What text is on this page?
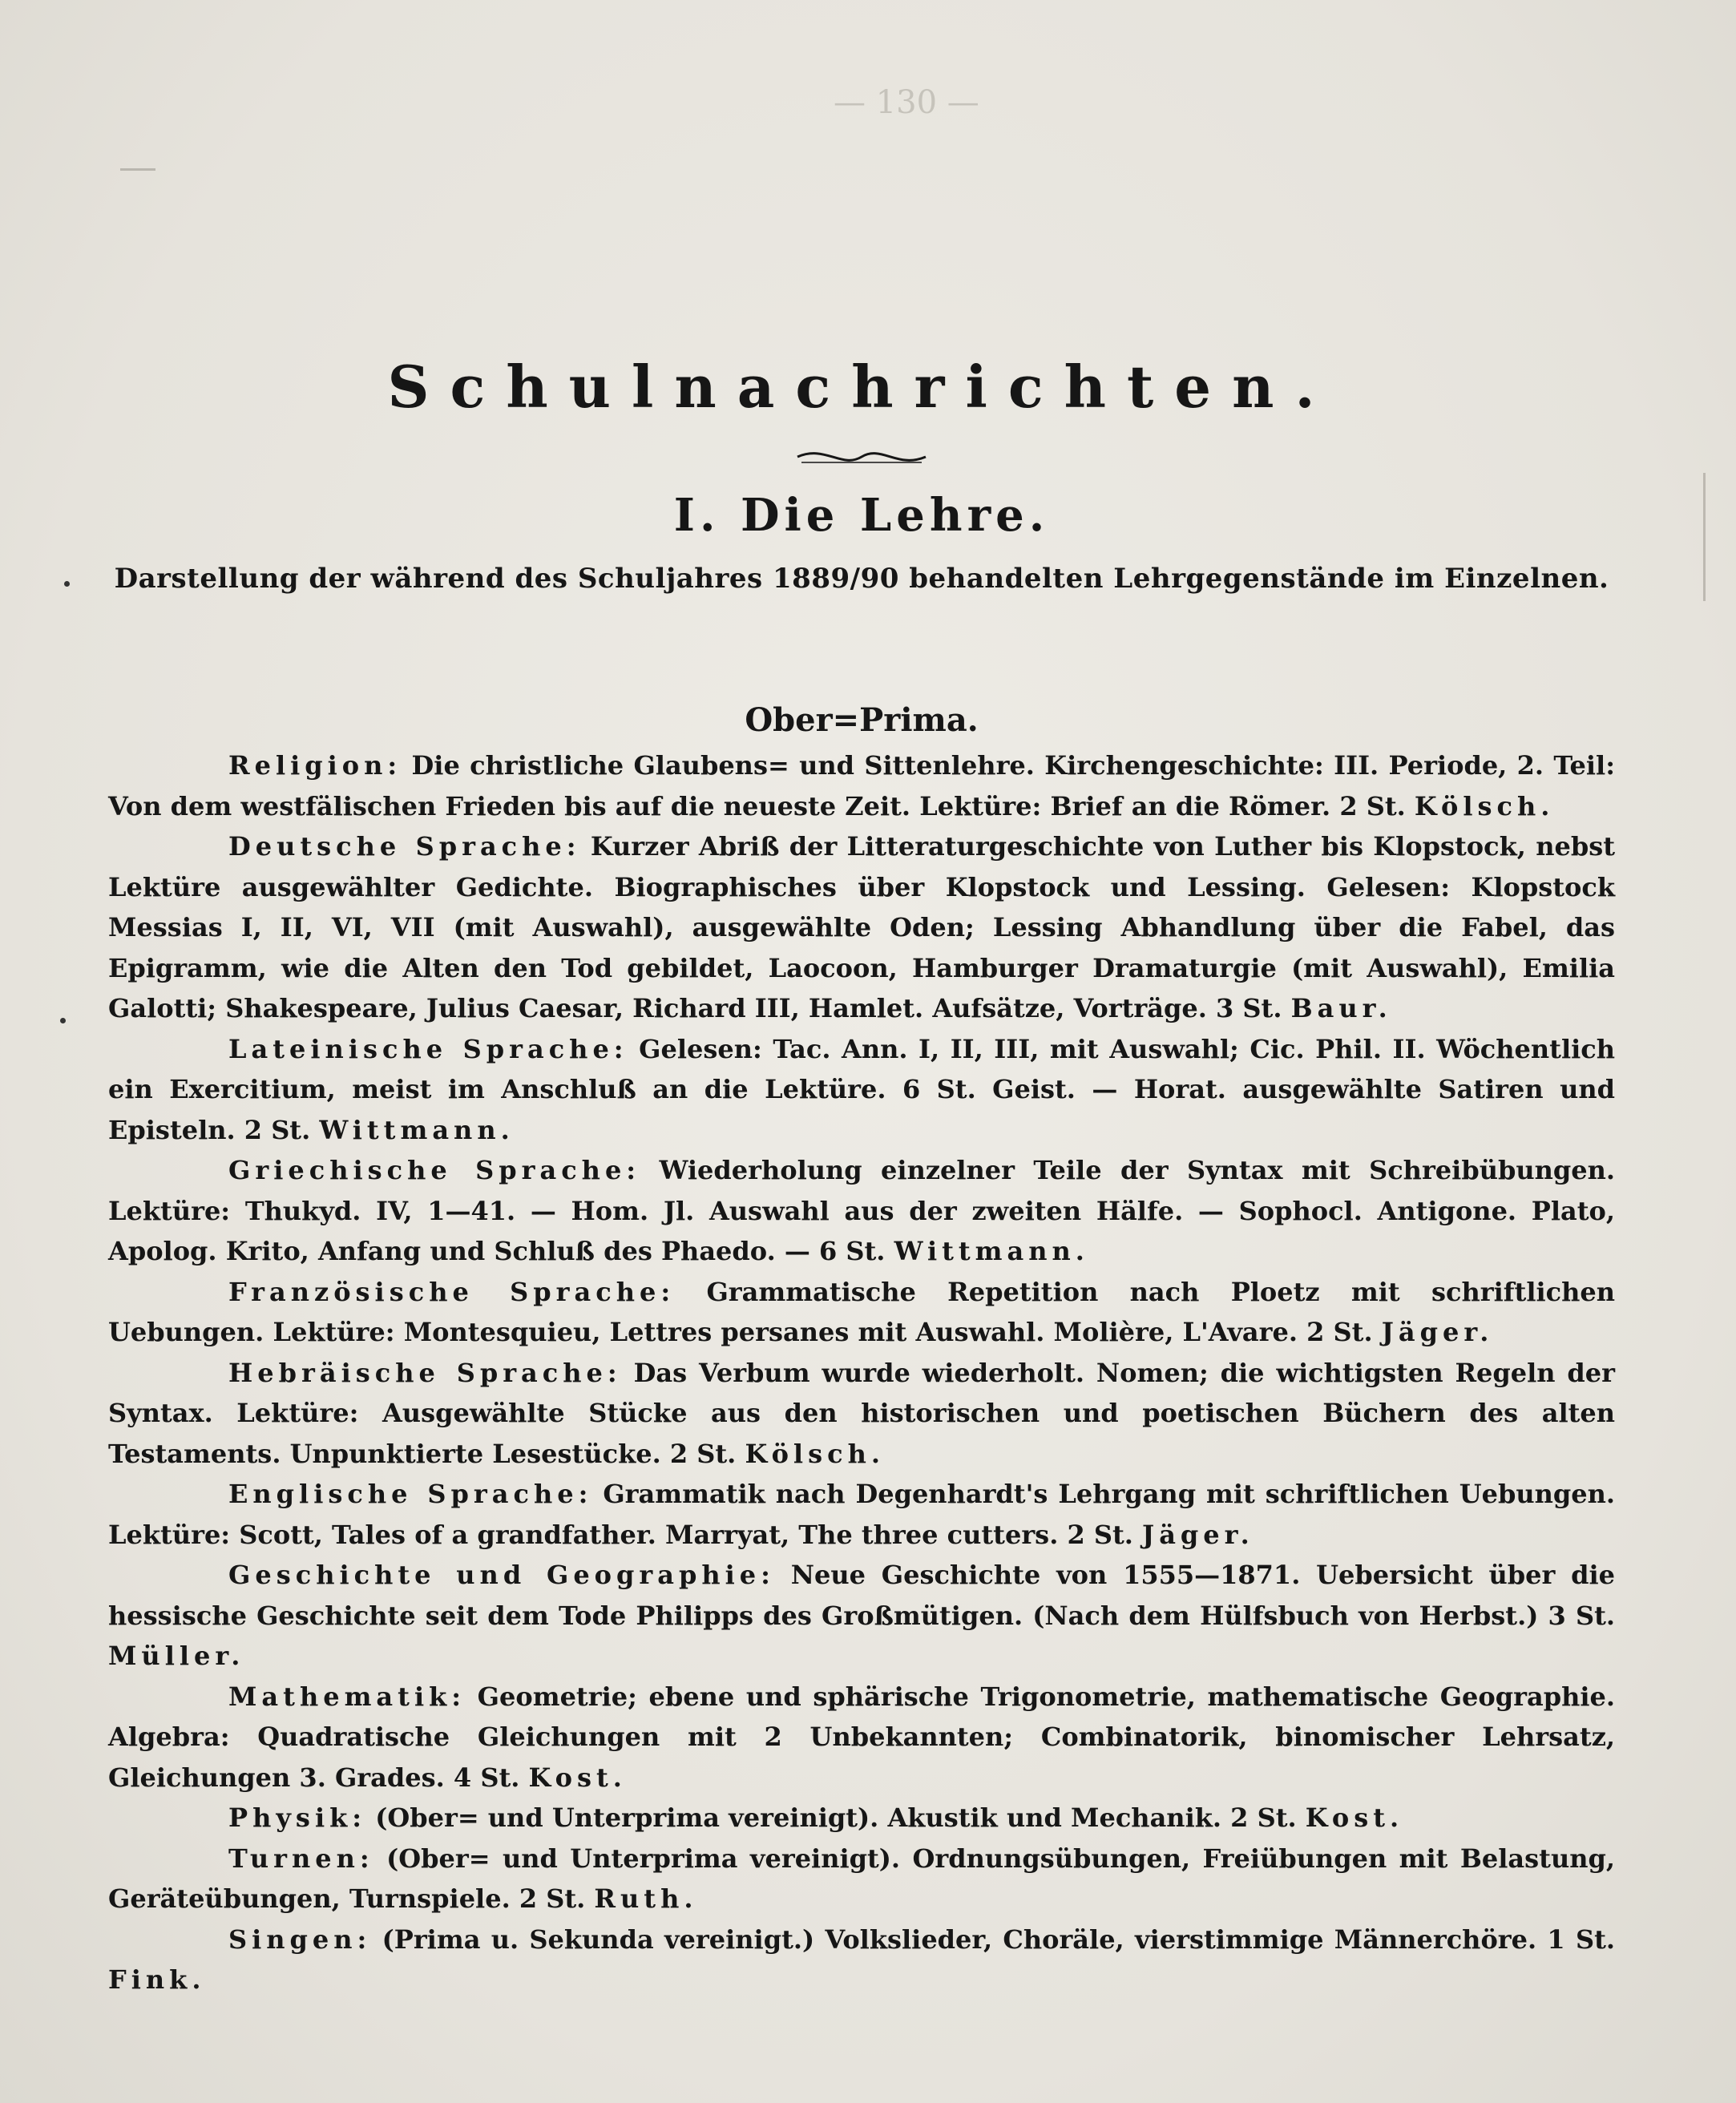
— 130 —
Schulnachrichten.
I. Die Lehre.
Darstellung der während des Schuljahres 1889/90 behandelten Lehrgegenstände im Einzelnen.
Ober=Prima.

Religion: Die christliche Glaubens= und Sittenlehre. Kirchengeschichte: III. Periode, 2. Teil: Von dem westfälischen Frieden bis auf die neueste Zeit. Lektüre: Brief an die Römer. 2 St. Kölsch.

Deutsche Sprache: Kurzer Abriß der Litteraturgeschichte von Luther bis Klopstock, nebst Lektüre ausgewählter Gedichte. Biographisches über Klopstock und Lessing. Gelesen: Klopstock Messias I, II, VI, VII (mit Auswahl), ausgewählte Oden; Lessing Abhandlung über die Fabel, das Epigramm, wie die Alten den Tod gebildet, Laocoon, Hamburger Dramaturgie (mit Auswahl), Emilia Galotti; Shakespeare, Julius Caesar, Richard III, Hamlet. Aufsätze, Vorträge. 3 St. Baur.

Lateinische Sprache: Gelesen: Tac. Ann. I, II, III, mit Auswahl; Cic. Phil. II. Wöchentlich ein Exercitium, meist im Anschluß an die Lektüre. 6 St. Geist. — Horat. ausgewählte Satiren und Episteln. 2 St. Wittmann.

Griechische Sprache: Wiederholung einzelner Teile der Syntax mit Schreibübungen. Lektüre: Thukyd. IV, 1—41. — Hom. Jl. Auswahl aus der zweiten Hälfe. — Sophocl. Antigone. Plato, Apolog. Krito, Anfang und Schluß des Phaedo. — 6 St. Wittmann.

Französische Sprache: Grammatische Repetition nach Ploetz mit schriftlichen Uebungen. Lektüre: Montesquieu, Lettres persanes mit Auswahl. Molière, L'Avare. 2 St. Jäger.

Hebräische Sprache: Das Verbum wurde wiederholt. Nomen; die wichtigsten Regeln der Syntax. Lektüre: Ausgewählte Stücke aus den historischen und poetischen Büchern des alten Testaments. Unpunktierte Lesestücke. 2 St. Kölsch.

Englische Sprache: Grammatik nach Degenhardt's Lehrgang mit schriftlichen Uebungen. Lektüre: Scott, Tales of a grandfather. Marryat, The three cutters. 2 St. Jäger.

Geschichte und Geographie: Neue Geschichte von 1555—1871. Uebersicht über die hessische Geschichte seit dem Tode Philipps des Großmütigen. (Nach dem Hülfsbuch von Herbst.) 3 St. Müller.

Mathematik: Geometrie; ebene und sphärische Trigonometrie, mathematische Geographie. Algebra: Quadratische Gleichungen mit 2 Unbekannten; Combinatorik, binomischer Lehrsatz, Gleichungen 3. Grades. 4 St. Kost.

Physik: (Ober= und Unterprima vereinigt). Akustik und Mechanik. 2 St. Kost.

Turnen: (Ober= und Unterprima vereinigt). Ordnungsübungen, Freiübungen mit Belastung, Geräteübungen, Turnspiele. 2 St. Ruth.

Singen: (Prima u. Sekunda vereinigt.) Volkslieder, Choräle, vierstimmige Männerchöre. 1 St. Fink.
